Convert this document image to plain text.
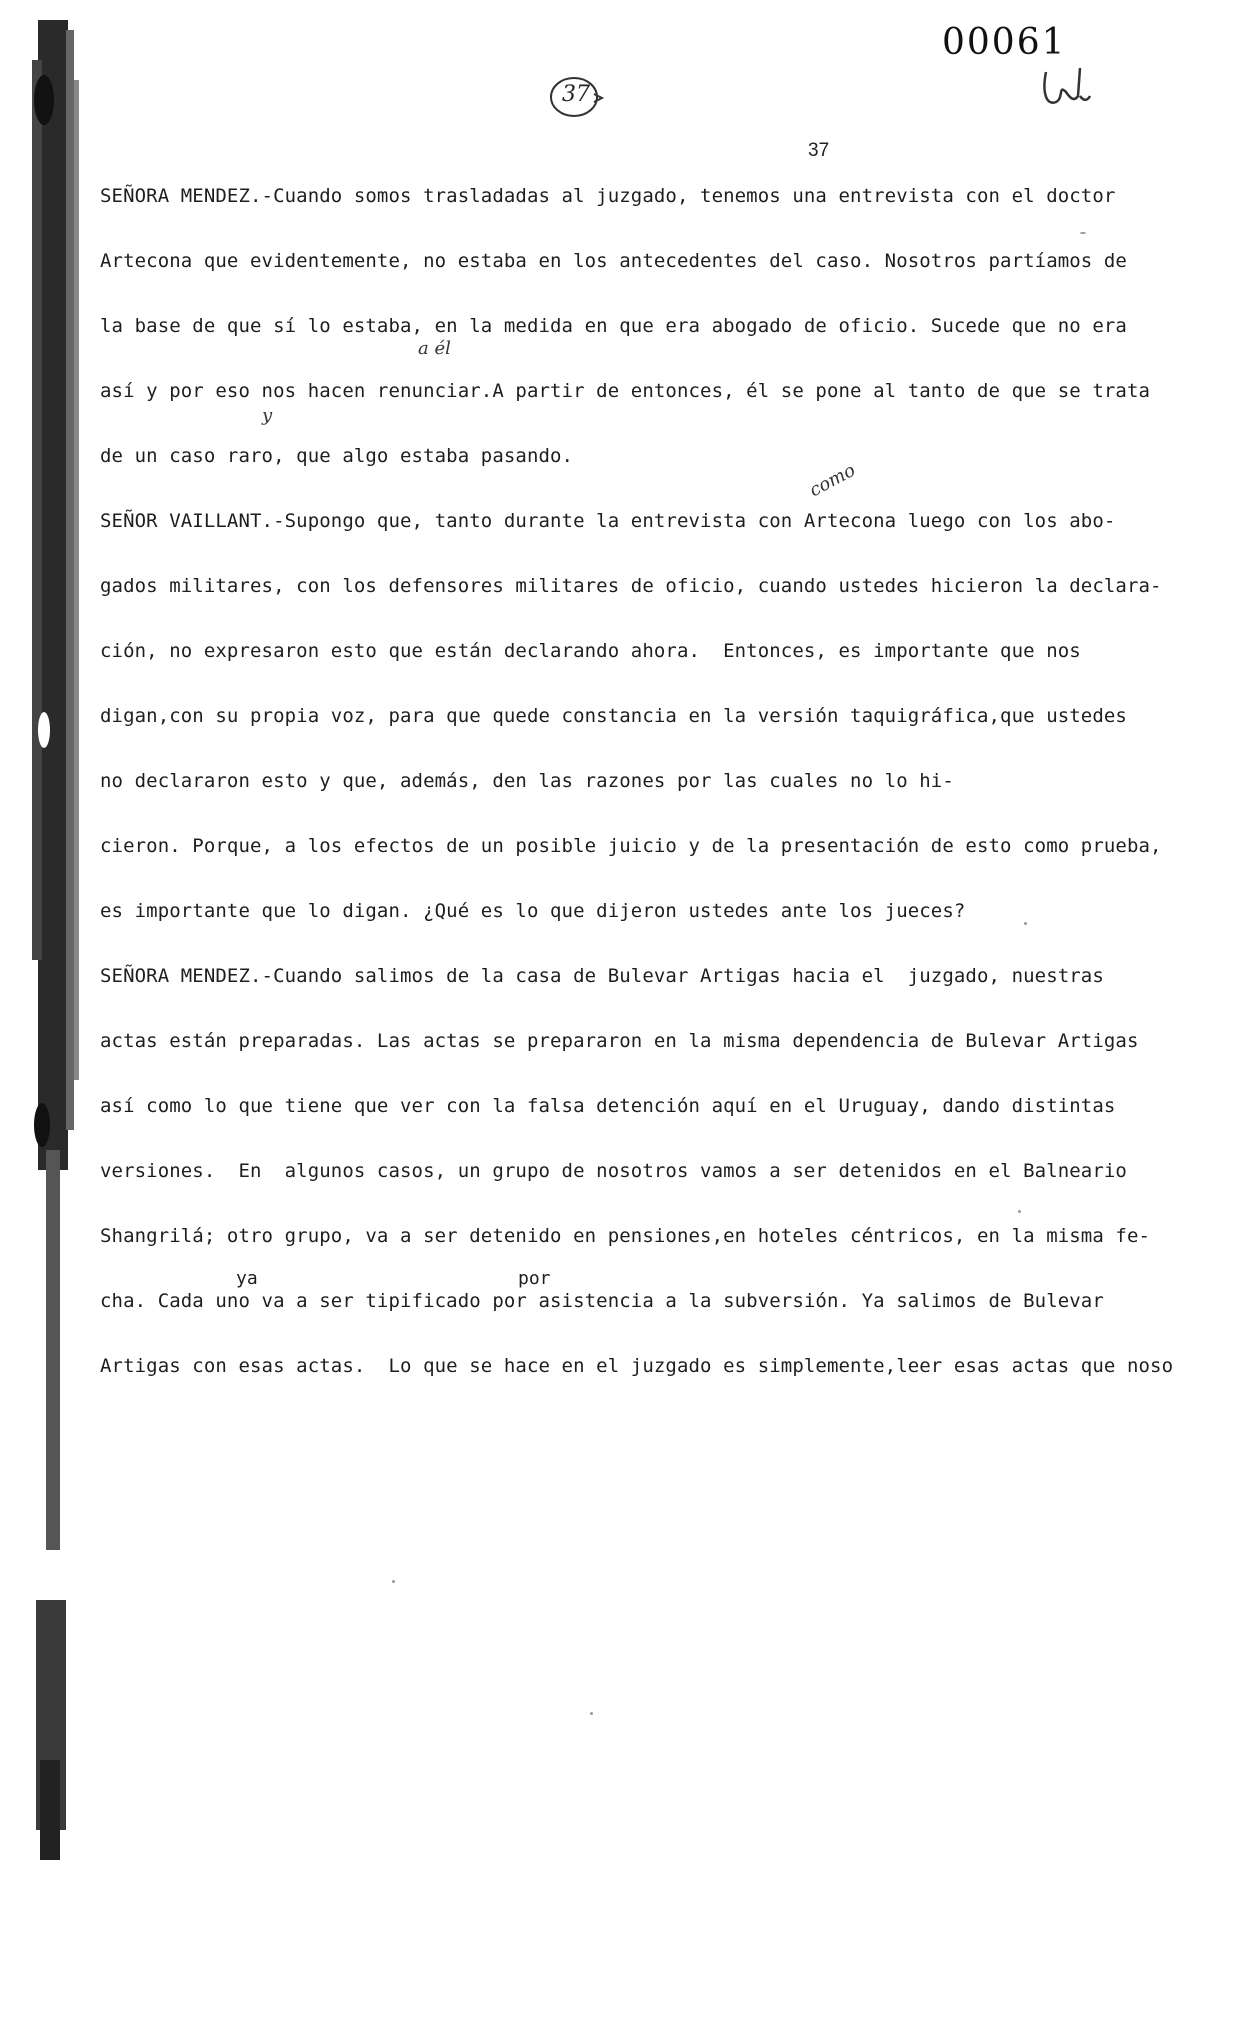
00061
37
37
SEÑORA MENDEZ.-Cuando somos trasladadas al juzgado, tenemos una entrevista con el doctor
Artecona que evidentemente, no estaba en los antecedentes del caso. Nosotros partíamos de
la base de que sí lo estaba, en la medida en que era abogado de oficio. Sucede que no era
así y por eso nos hacen renunciar.A partir de entonces, él se pone al tanto de que se trata
de un caso raro, que algo estaba pasando.
SEÑOR VAILLANT.-Supongo que, tanto durante la entrevista con Artecona luego con los abo-
gados militares, con los defensores militares de oficio, cuando ustedes hicieron la declara-
ción, no expresaron esto que están declarando ahora.  Entonces, es importante que nos
digan,con su propia voz, para que quede constancia en la versión taquigráfica,que ustedes
no declararon esto y que, además, den las razones por las cuales no lo hi-
cieron. Porque, a los efectos de un posible juicio y de la presentación de esto como prueba,
es importante que lo digan. ¿Qué es lo que dijeron ustedes ante los jueces?
SEÑORA MENDEZ.-Cuando salimos de la casa de Bulevar Artigas hacia el  juzgado, nuestras
actas están preparadas. Las actas se prepararon en la misma dependencia de Bulevar Artigas
así como lo que tiene que ver con la falsa detención aquí en el Uruguay, dando distintas
versiones.  En  algunos casos, un grupo de nosotros vamos a ser detenidos en el Balneario
Shangrilá; otro grupo, va a ser detenido en pensiones,en hoteles céntricos, en la misma fe-
cha. Cada uno va a ser tipificado por asistencia a la subversión. Ya salimos de Bulevar
Artigas con esas actas.  Lo que se hace en el juzgado es simplemente,leer esas actas que noso
ya	por
a él
y
como
